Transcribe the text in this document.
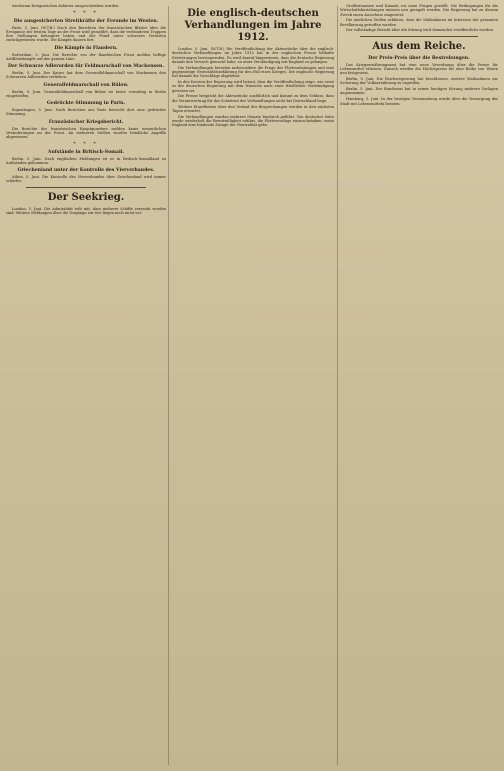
wiederum Kriegszeichen dahinter ausgeschrieben worden.

* * *
Die ausgesicherten Streitkräfte der Freunde im Westen.

Paris, 5. Juni. (W.T.B.) Nach den Berichten der französischen Blätter über die Ereignisse der letzten Tage an der Front wird gemeldet, dass die verbündeten Truppen ihre Stellungen behauptet haben und der Feind unter schweren Verlusten zurückgewiesen wurde. Die Kämpfe dauern fort.

Die Kämpfe in Flandern.

Rotterdam, 5. Juni. Die Berichte von der flandrischen Front melden heftige Artilleriekämpfe auf der ganzen Linie.

Der Schwarze Adlerorden für Feldmarschall von Mackensen.

Berlin, 5. Juni. Der Kaiser hat dem Generalfeldmarschall von Mackensen den Schwarzen Adlerorden verliehen.

Generalfeldmarschall von Bülow.

Berlin, 5. Juni. Generalfeldmarschall von Bülow ist heute vormittag in Berlin eingetroffen.

Gedrückte Stimmung in Paris.

Kopenhagen, 5. Juni. Nach Berichten aus Paris herrscht dort eine gedrückte Stimmung.

Französischer Kriegsbericht.

Die Berichte des französischen Hauptquartiers melden keine wesentlichen Veränderungen an der Front. An mehreren Stellen wurden feindliche Angriffe abgewiesen.

* * *
Aufstände in Britisch-Somali.

Berlin, 5. Juni. Nach englischen Meldungen ist es in Britisch-Somaliland zu Aufständen gekommen.

Griechenland unter der Kontrolle des Vierverbandes.

Athen, 5. Juni. Die Kontrolle des Vierverbandes über Griechenland wird immer schärfer.

Der Seekrieg.

London, 5. Juni. Die Admiralität teilt mit, dass mehrere Schiffe versenkt worden sind. Weitere Meldungen über die Vorgänge zur See liegen noch nicht vor.

Die englisch-deutschen Verhandlungen im Jahre 1912.

London, 5. Juni. (W.T.B.) Die Veröffentlichung der Aktenstücke über die englisch-deutschen Verhandlungen im Jahre 1912 hat in der englischen Presse lebhafte Erörterungen hervorgerufen. Es wird darauf hingewiesen, dass die deutsche Regierung damals den Versuch gemacht habe, zu einer Verständigung mit England zu gelangen.

Die Verhandlungen betrafen insbesondere die Frage der Flottenrüstungen und eine gegenseitige Neutralitätserklärung für den Fall eines Krieges. Die englische Regierung hat damals die Vorschläge abgelehnt.

In den Kreisen der Regierung wird betont, dass die Veröffentlichung zeige, wie ernst es der deutschen Regierung mit dem Wunsche nach einer friedlichen Verständigung gewesen sei.

Die Presse bespricht die Aktenstücke ausführlich und kommt zu dem Schluss, dass die Verantwortung für das Scheitern der Verhandlungen nicht bei Deutschland liege.

Weitere Einzelheiten über den Verlauf der Besprechungen werden in den nächsten Tagen erwartet.

Die Verhandlungen wurden mehrere Monate hindurch geführt. Von deutscher Seite wurde wiederholt die Bereitwilligkeit erklärt, die Flottenvorlage einzuschränken, wenn England eine bindende Zusage der Neutralität gebe.

Großbritannien und Kanada vor neue Fragen gestellt. Die Bedingungen für die Wirtschaftsbeziehungen müssen neu geregelt werden. Die Regierung hat zu diesem Zweck einen Ausschuss eingesetzt.

Die amtlichen Stellen erklären, dass die Maßnahmen im Interesse der gesamten Bevölkerung getroffen wurden.

Der vollständige Bericht über die Sitzung wird demnächst veröffentlicht werden.

Aus dem Reiche.
Der Preis-Preis über die Bestrebungen.

Das Kriegsernährungsamt hat eine neue Verordnung über die Preise für Lebensmittel erlassen. Danach werden die Höchstpreise für eine Reihe von Waren neu festgesetzt.

Berlin, 5. Juni. Die Reichsregierung hat beschlossen, weitere Maßnahmen zur Sicherung der Volksernährung zu ergreifen.

Berlin, 5. Juni. Der Bundesrat hat in seiner heutigen Sitzung mehrere Vorlagen angenommen.

Hamburg, 5. Juni. In der heutigen Versammlung wurde über die Versorgung der Stadt mit Lebensmitteln beraten.
